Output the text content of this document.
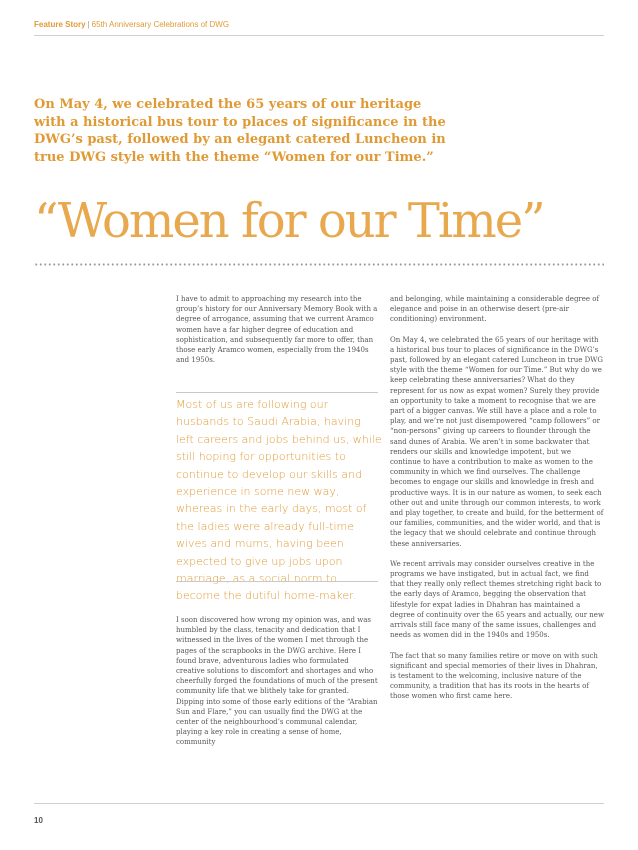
Feature Story | 65th Anniversary Celebrations of DWG
On May 4, we celebrated the 65 years of our heritage with a historical bus tour to places of significance in the DWG’s past, followed by an elegant catered Luncheon in true DWG style with the theme “Women for our Time.”
“Women for our Time”

I have to admit to approaching my research into the group’s history for our Anniversary Memory Book with a degree of arrogance, assuming that we current Aramco women have a far higher degree of education and sophistication, and subsequently far more to offer, than those early Aramco women, especially from the 1940s and 1950s.

Most of us are following our husbands to Saudi Arabia, having left careers and jobs behind us, while still hoping for opportunities to continue to develop our skills and experience in some new way, whereas in the early days, most of the ladies were already full-time wives and mums, having been expected to give up jobs upon marriage, as a social norm to become the dutiful home-maker.

I soon discovered how wrong my opinion was, and was humbled by the class, tenacity and dedication that I witnessed in the lives of the women I met through the pages of the scrapbooks in the DWG archive. Here I found brave, adventurous ladies who formulated creative solutions to discomfort and shortages and who cheerfully forged the foundations of much of the present community life that we blithely take for granted. Dipping into some of those early editions of the “Arabian Sun and Flare,” you can usually find the DWG at the center of the neighbourhood’s communal calendar, playing a key role in creating a sense of home, community

and belonging, while maintaining a considerable degree of elegance and poise in an otherwise desert (pre-air conditioning) environment.

On May 4, we celebrated the 65 years of our heritage with a historical bus tour to places of significance in the DWG’s past, followed by an elegant catered Luncheon in true DWG style with the theme “Women for our Time.” But why do we keep celebrating these anniversaries? What do they represent for us now as expat women? Surely they provide an opportunity to take a moment to recognise that we are part of a bigger canvas. We still have a place and a role to play, and we’re not just disempowered “camp followers” or “non-persons” giving up careers to flounder through the sand dunes of Arabia. We aren’t in some backwater that renders our skills and knowledge impotent, but we continue to have a contribution to make as women to the community in which we find ourselves. The challenge becomes to engage our skills and knowledge in fresh and productive ways. It is in our nature as women, to seek each other out and unite through our common interests, to work and play together, to create and build, for the betterment of our families, communities, and the wider world, and that is the legacy that we should celebrate and continue through these anniversaries.

We recent arrivals may consider ourselves creative in the programs we have instigated, but in actual fact, we find that they really only reflect themes stretching right back to the early days of Aramco, begging the observation that lifestyle for expat ladies in Dhahran has maintained a degree of continuity over the 65 years and actually, our new arrivals still face many of the same issues, challenges and needs as women did in the 1940s and 1950s.

The fact that so many families retire or move on with such significant and special memories of their lives in Dhahran, is testament to the welcoming, inclusive nature of the community, a tradition that has its roots in the hearts of those women who first came here.

10
